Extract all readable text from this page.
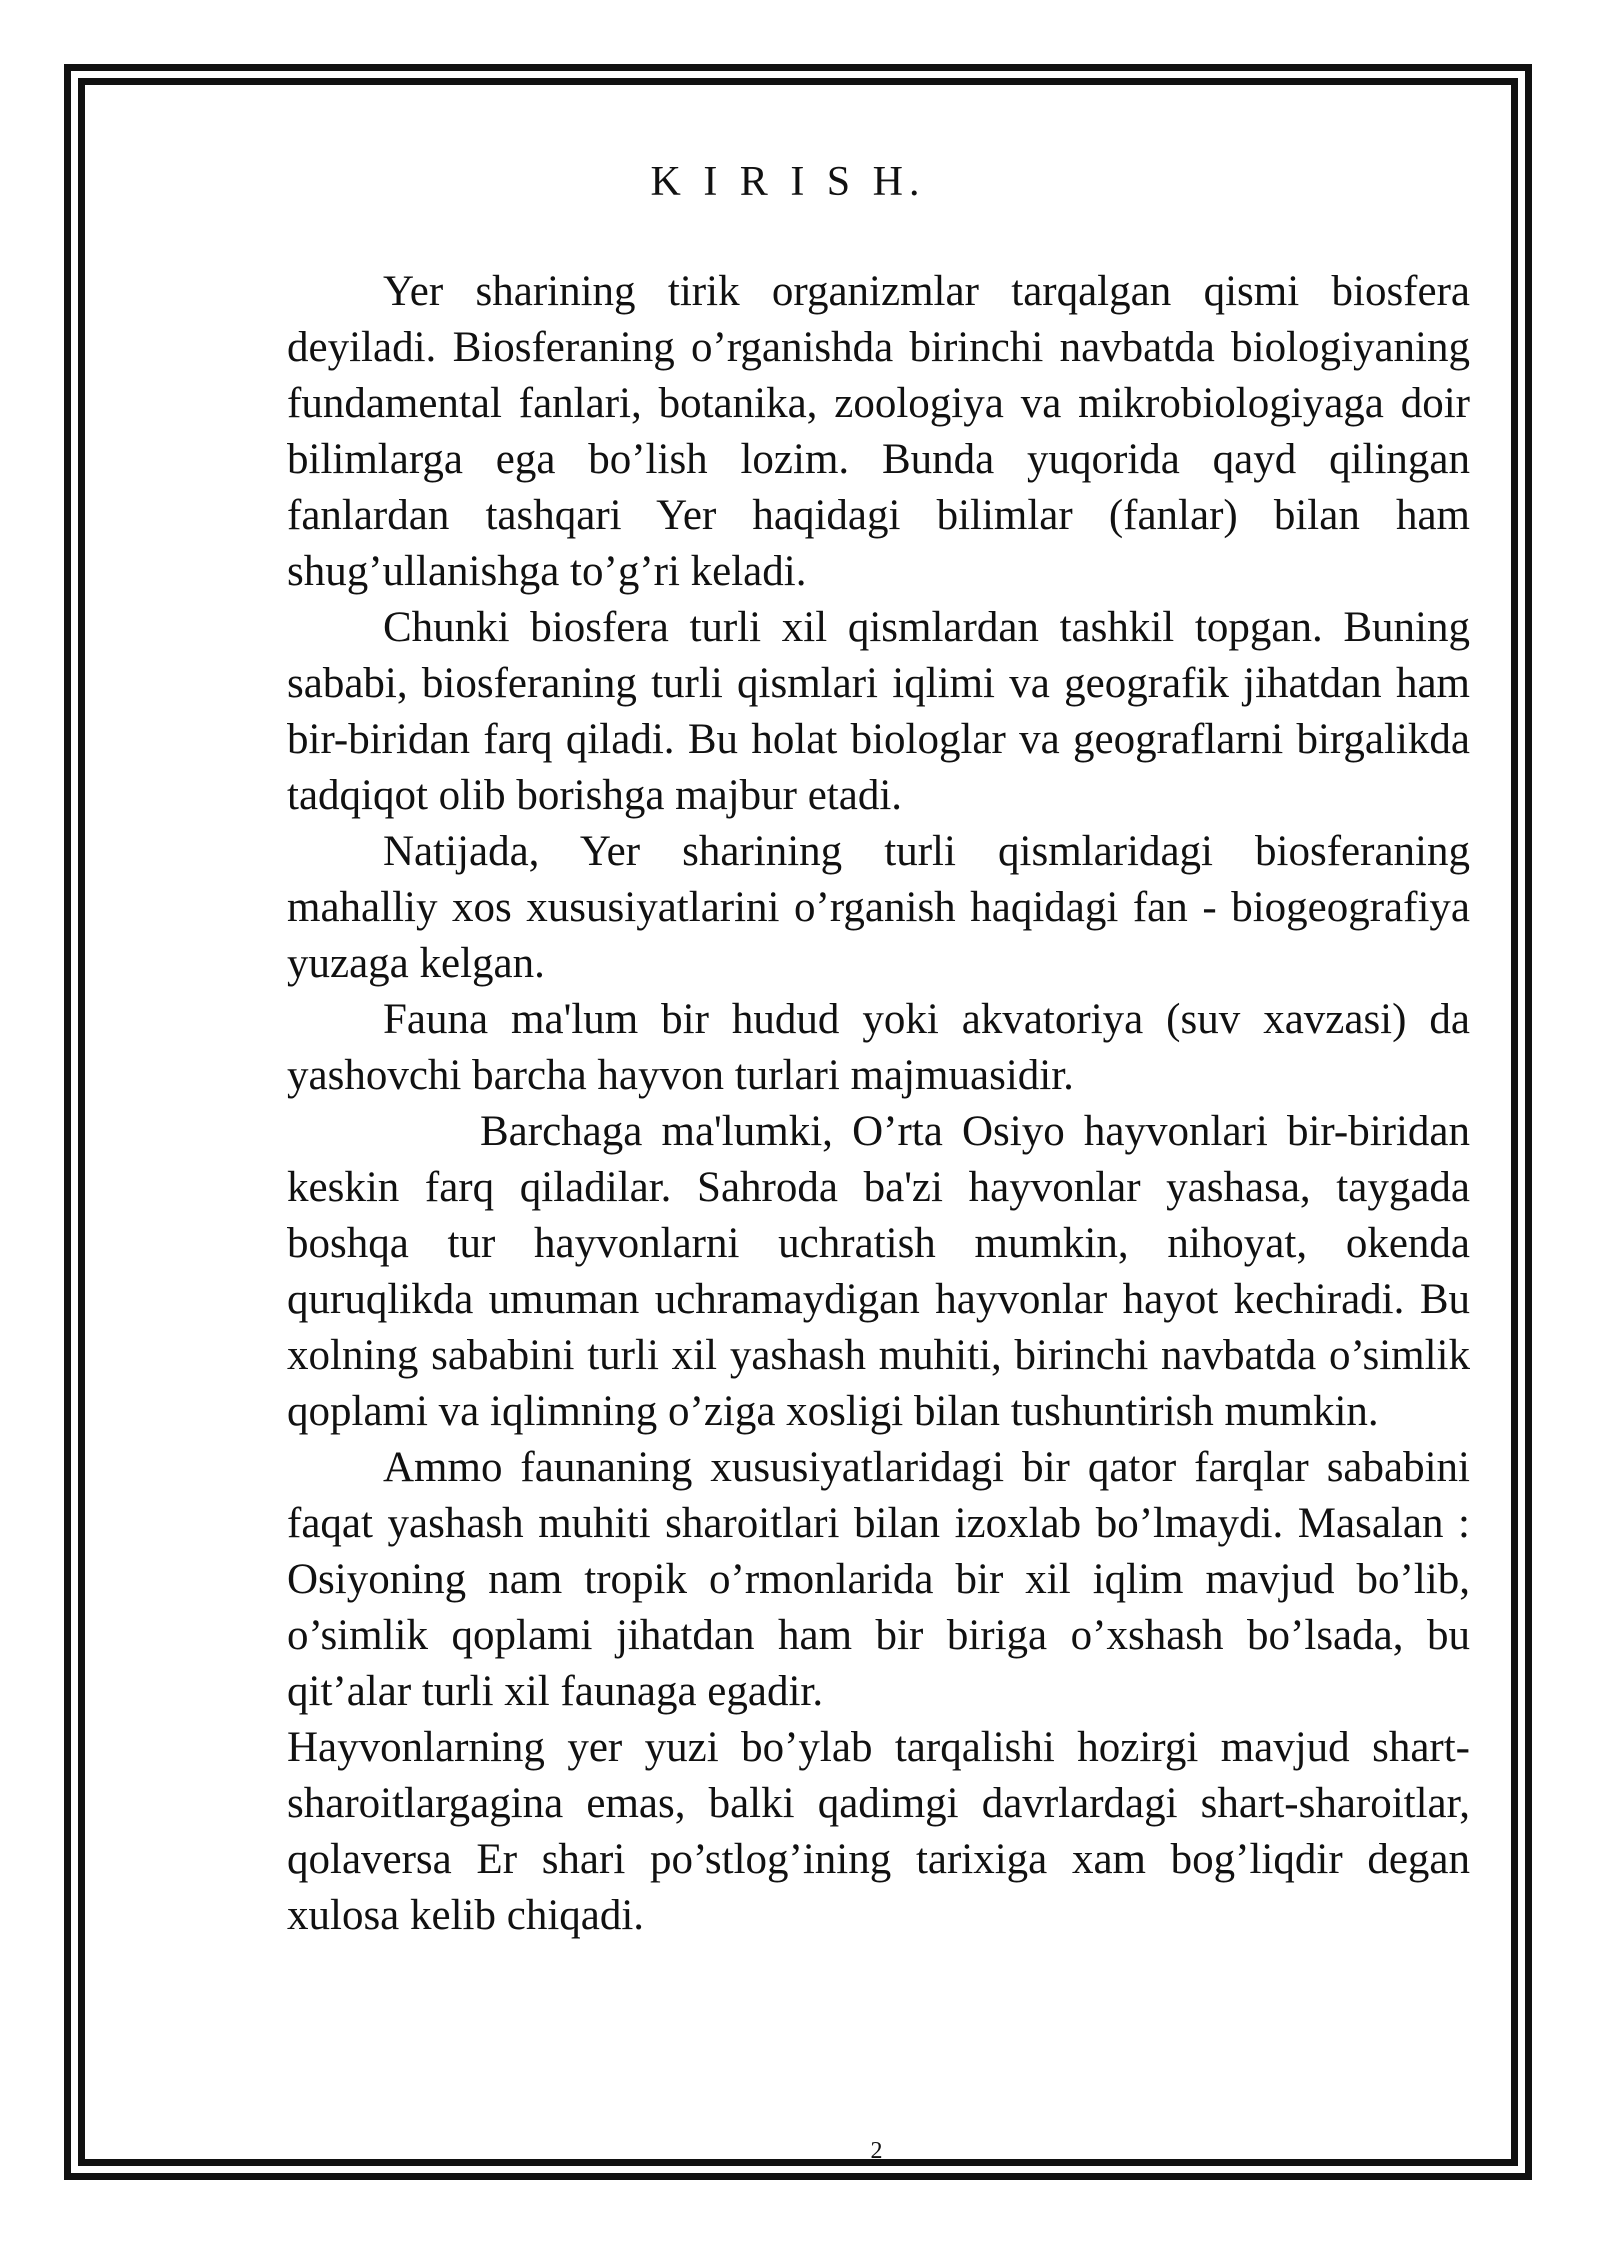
K I R I S H.

Yer sharining tirik organizmlar tarqalgan qismi biosfera deyiladi. Biosferaning o’rganishda birinchi navbatda biologiyaning fundamental fanlari, botanika, zoologiya va mikrobiologiyaga doir bilimlarga ega bo’lish lozim. Bunda yuqorida qayd qilingan fanlardan tashqari Yer haqidagi bilimlar (fanlar) bilan ham shug’ullanishga to’g’ri keladi.

Chunki biosfera turli xil qismlardan tashkil topgan. Buning sababi, biosferaning turli qismlari iqlimi va geografik jihatdan ham bir-biridan farq qiladi. Bu holat biologlar va geograflarni birgalikda tadqiqot olib borishga majbur etadi.

Natijada, Yer sharining turli qismlaridagi biosferaning mahalliy xos xususiyatlarini o’rganish haqidagi fan - biogeografiya yuzaga kelgan.

Fauna ma'lum bir hudud yoki akvatoriya (suv xavzasi) da yashovchi barcha hayvon turlari majmuasidir.

Barchaga ma'lumki, O’rta Osiyo hayvonlari bir-biridan keskin farq qiladilar. Sahroda ba'zi hayvonlar yashasa, taygada boshqa tur hayvonlarni uchratish mumkin, nihoyat, okenda quruqlikda umuman uchramaydigan hayvonlar hayot kechiradi. Bu xolning sababini turli xil yashash muhiti, birinchi navbatda o’simlik qoplami va iqlimning o’ziga xosligi bilan tushuntirish mumkin.

Ammo faunaning xususiyatlaridagi bir qator farqlar sababini faqat yashash muhiti sharoitlari bilan izoxlab bo’lmaydi. Masalan : Osiyoning nam tropik o’rmonlarida bir xil iqlim mavjud bo’lib, o’simlik qoplami jihatdan ham bir biriga o’xshash bo’lsada, bu qit’alar turli xil faunaga egadir.

Hayvonlarning yer yuzi bo’ylab tarqalishi hozirgi mavjud shart-sharoitlargagina emas, balki qadimgi davrlardagi shart-sharoitlar, qolaversa Er shari po’stlog’ining tarixiga xam bog’liqdir degan xulosa kelib chiqadi.

2
